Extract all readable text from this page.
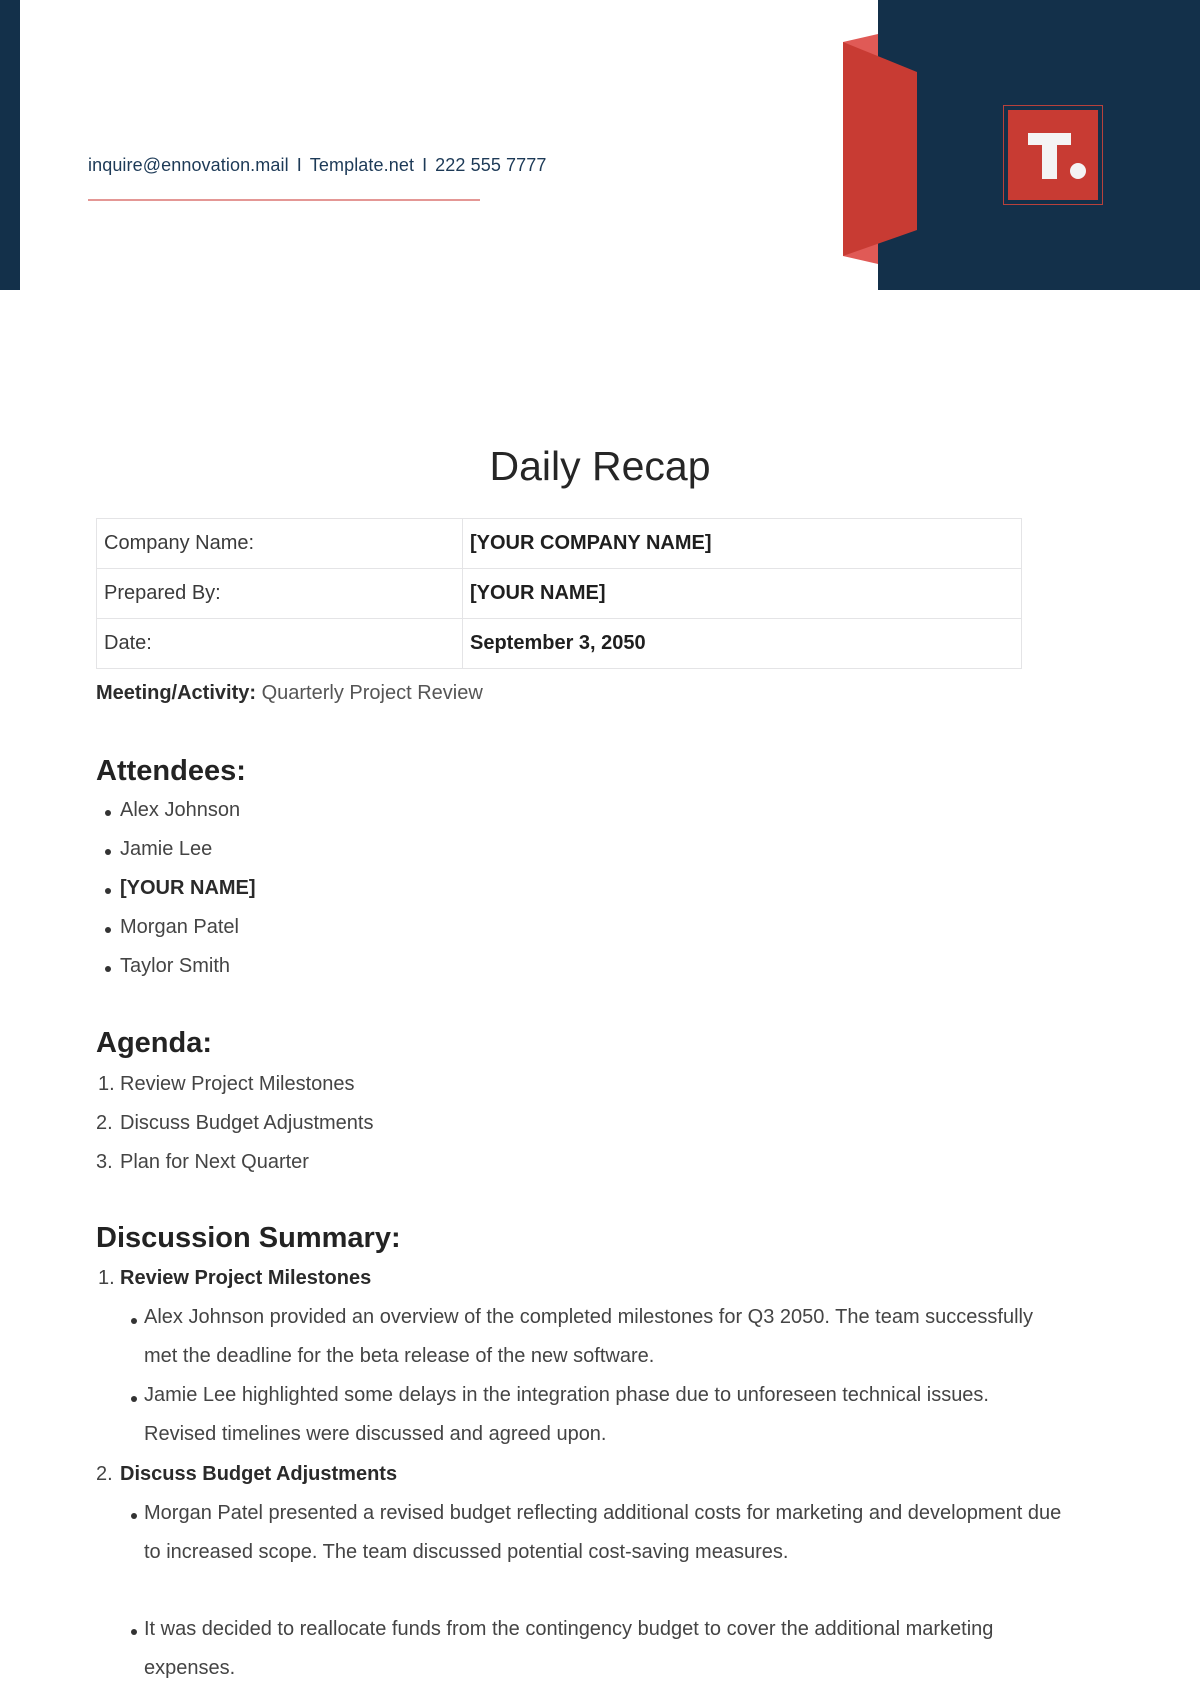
inquire@ennovation.mail I Template.net I 222 555 7777
Daily Recap
Company Name:	[YOUR COMPANY NAME]
Prepared By:	[YOUR NAME]
Date:	September 3, 2050
Meeting/Activity: Quarterly Project Review
Attendees:
Alex Johnson
Jamie Lee
[YOUR NAME]
Morgan Patel
Taylor Smith
Agenda:
1. Review Project Milestones
2. Discuss Budget Adjustments
3. Plan for Next Quarter
Discussion Summary:
1. Review Project Milestones
Alex Johnson provided an overview of the completed milestones for Q3 2050. The team successfully met the deadline for the beta release of the new software.
Jamie Lee highlighted some delays in the integration phase due to unforeseen technical issues. Revised timelines were discussed and agreed upon.
2. Discuss Budget Adjustments
Morgan Patel presented a revised budget reflecting additional costs for marketing and development due to increased scope. The team discussed potential cost-saving measures.
It was decided to reallocate funds from the contingency budget to cover the additional marketing expenses.
